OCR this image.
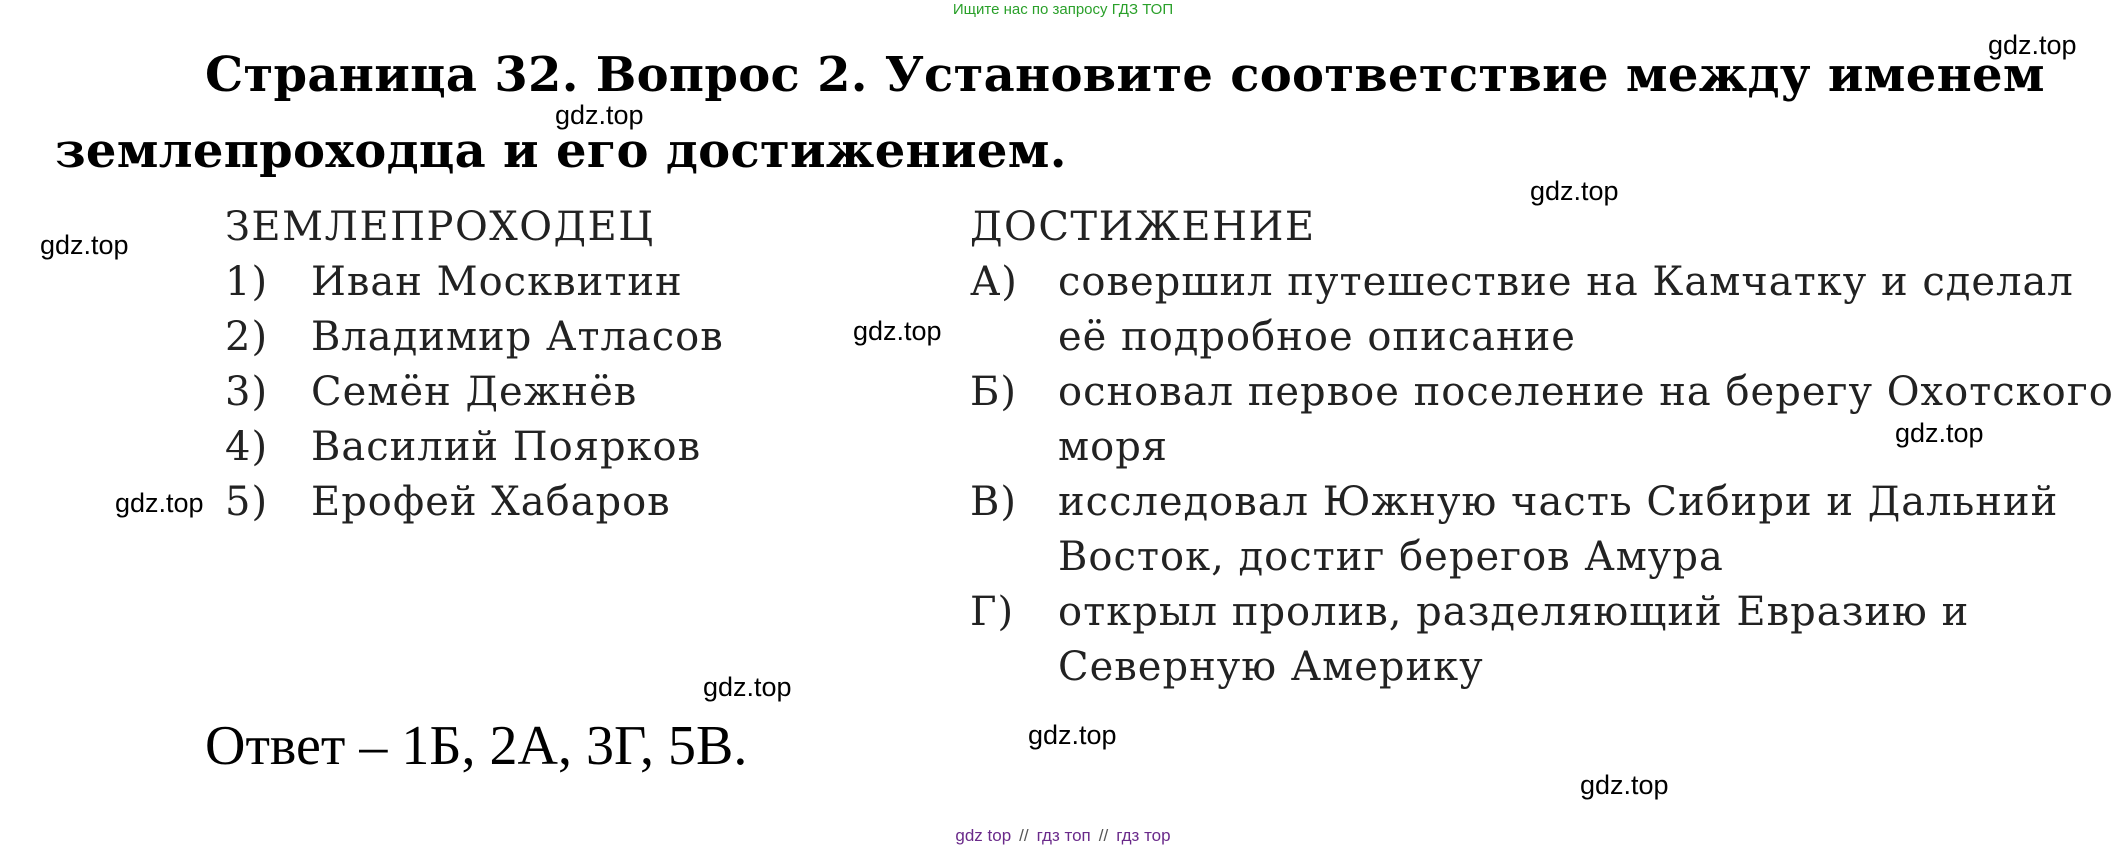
Ищите нас по запросу ГДЗ ТОП
Страница 32. Вопрос 2. Установите соответствие между именем
землепроходца и его достижением.
gdz.top
gdz.top
gdz.top
gdz.top
gdz.top
gdz.top
gdz.top
gdz.top
gdz.top
gdz.top
ЗЕМЛЕПРОХОДЕЦ
1) Иван Москвитин
2) Владимир Атласов
3) Семён Дежнёв
4) Василий Поярков
5) Ерофей Хабаров
ДОСТИЖЕНИЕ
А) совершил путешествие на Камчатку и сделал
её подробное описание
Б) основал первое поселение на берегу Охотского
моря
В) исследовал Южную часть Сибири и Дальний
Восток, достиг берегов Амура
Г) открыл пролив, разделяющий Евразию и
Северную Америку
Ответ – 1Б, 2А, 3Г, 5В.
gdz top // гдз топ // гдз тор
